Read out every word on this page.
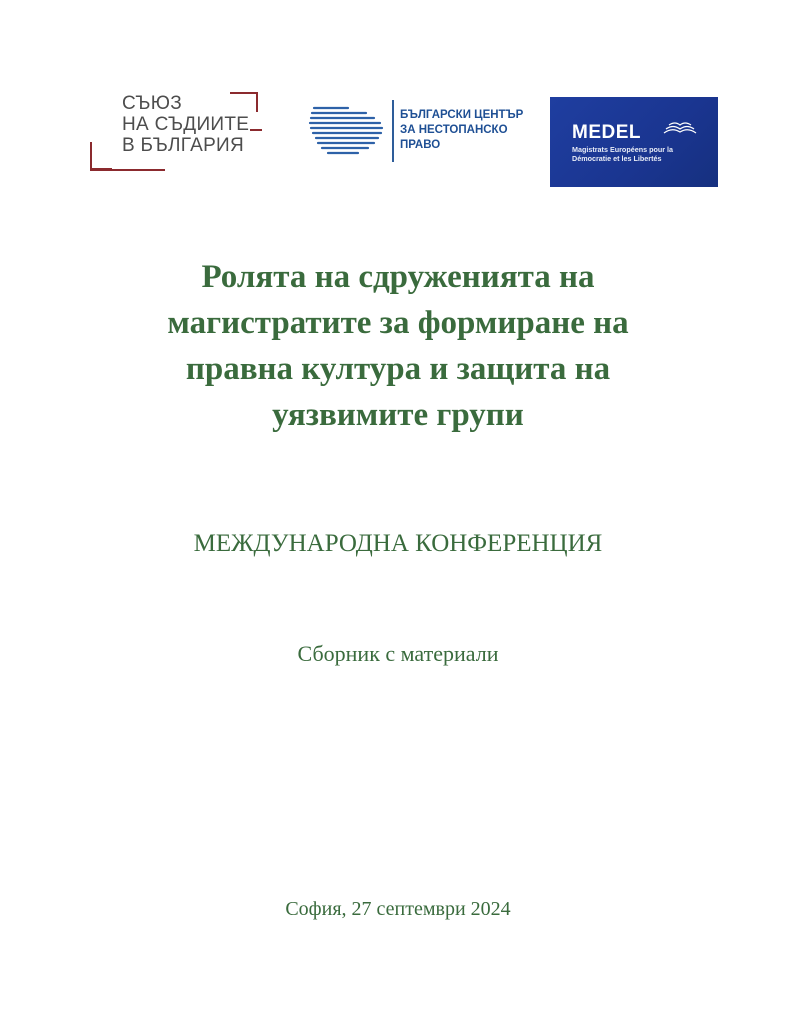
СЪЮЗ
НА СЪДИИТЕ
В БЪЛГАРИЯ
БЪЛГАРСКИ ЦЕНТЪР
ЗА НЕСТОПАНСКО
ПРАВО
MEDEL
Magistrats Européens pour la
Démocratie et les Libertés
Ролята на сдруженията на
магистратите за формиране на
правна култура и защита на
уязвимите групи
МЕЖДУНАРОДНА КОНФЕРЕНЦИЯ
Сборник с материали
София, 27 септември 2024
